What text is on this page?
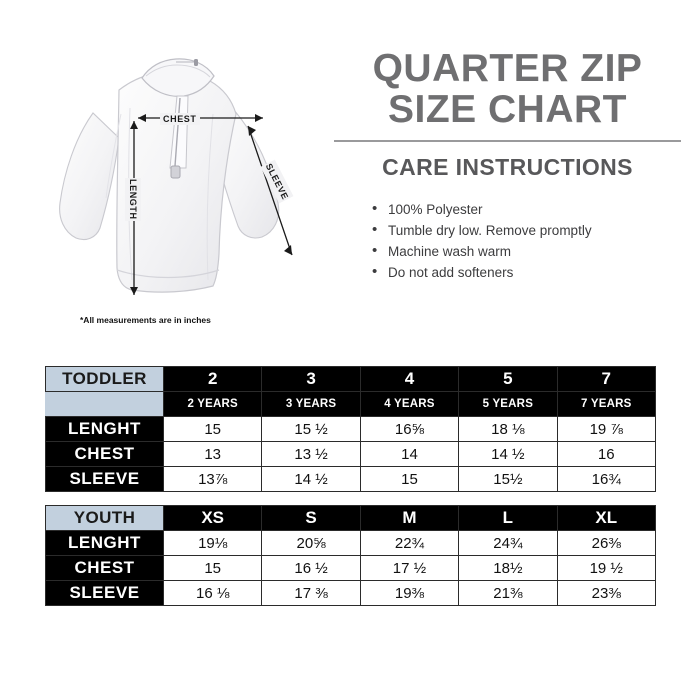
CHEST
LENGTH	SLEEVE
*All measurements are in inches
QUARTER ZIP
SIZE CHART
CARE INSTRUCTIONS
• 100% Polyester
• Tumble dry low. Remove promptly
• Machine wash warm
• Do not add softeners
TODDLER	2	3	4	5	7
	2 YEARS	3 YEARS	4 YEARS	5 YEARS	7 YEARS
LENGHT	15	15 ½	16⅝	18 ⅛	19 ⅞
CHEST	13	13 ½	14	14 ½	16
SLEEVE	13⅞	14 ½	15	15½	16¾
YOUTH	XS	S	M	L	XL
LENGHT	19⅛	20⅝	22¾	24¾	26⅜
CHEST	15	16 ½	17 ½	18½	19 ½
SLEEVE	16 ⅛	17 ⅜	19⅜	21⅜	23⅜
